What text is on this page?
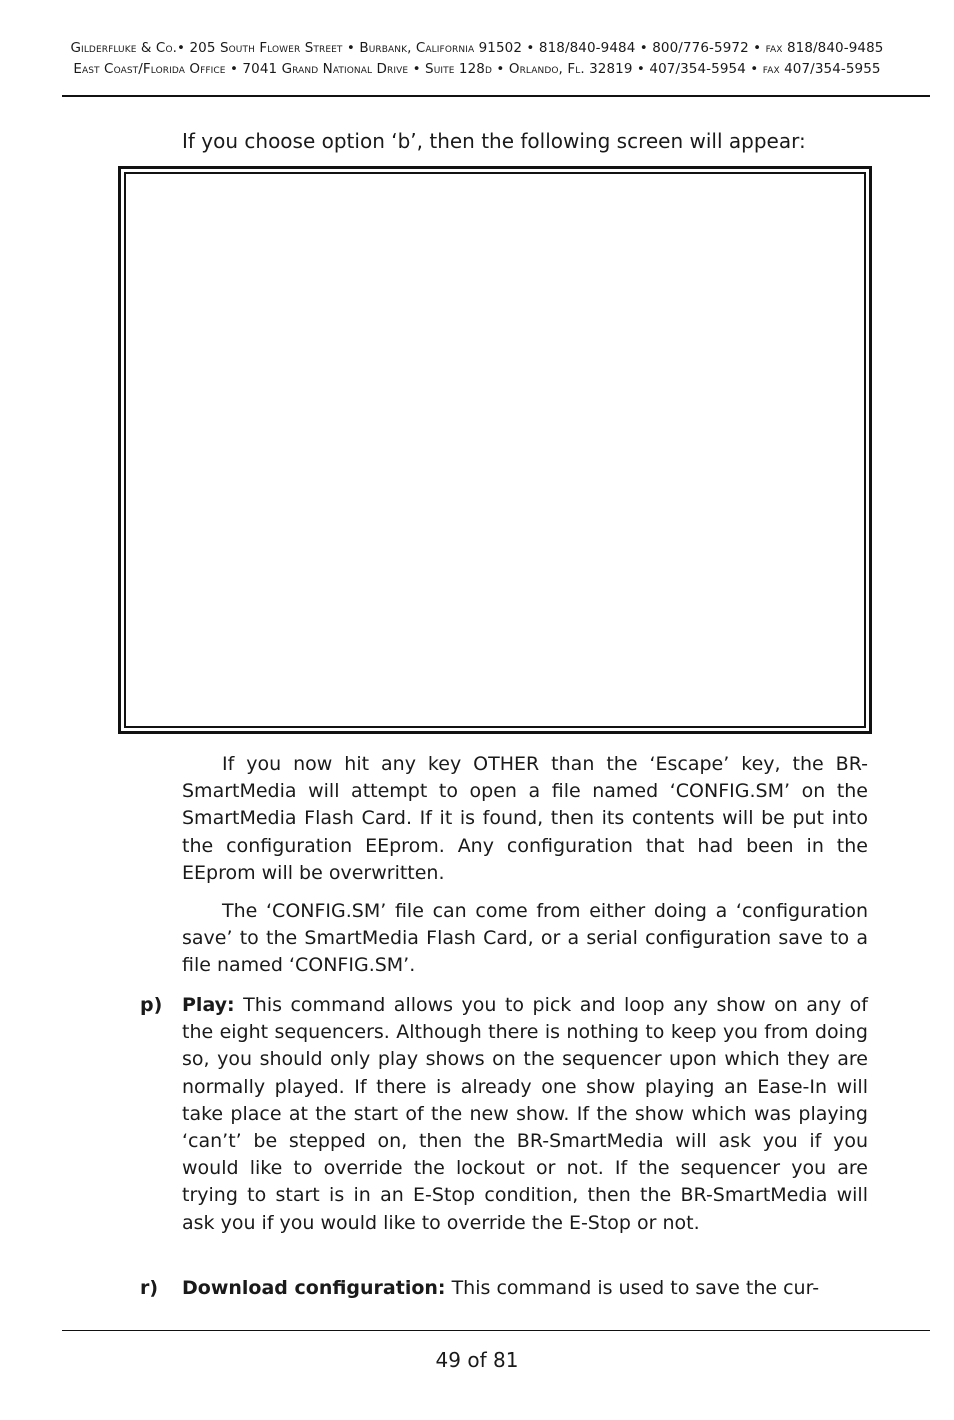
Gilderfluke & Co.• 205 South Flower Street • Burbank, California 91502 • 818/840-9484 • 800/776-5972 • fax 818/840-9485
East Coast/Florida Office • 7041 Grand National Drive • Suite 128d • Orlando, Fl. 32819 • 407/354-5954 • fax 407/354-5955
If you choose option ‘b’, then the following screen will appear:

If you now hit any key OTHER than the ‘Escape’ key, the BR-SmartMedia will attempt to open a file named ‘CONFIG.SM’ on the SmartMedia Flash Card. If it is found, then its contents will be put into the configuration EEprom. Any configuration that had been in the EEprom will be overwritten.

The ‘CONFIG.SM’ file can come from either doing a ‘configuration save’ to the SmartMedia Flash Card, or a serial configuration save to a file named ‘CONFIG.SM’.

p) Play: This command allows you to pick and loop any show on any of the eight sequencers. Although there is nothing to keep you from doing so, you should only play shows on the sequencer upon which they are normally played. If there is already one show playing an Ease-In will take place at the start of the new show. If the show which was playing ‘can’t’ be stepped on, then the BR-SmartMedia will ask you if you would like to override the lockout or not. If the sequencer you are trying to start is in an E-Stop condition, then the BR-SmartMedia will ask you if you would like to override the E-Stop or not.
r) Download configuration: This command is used to save the cur-
49 of 81
